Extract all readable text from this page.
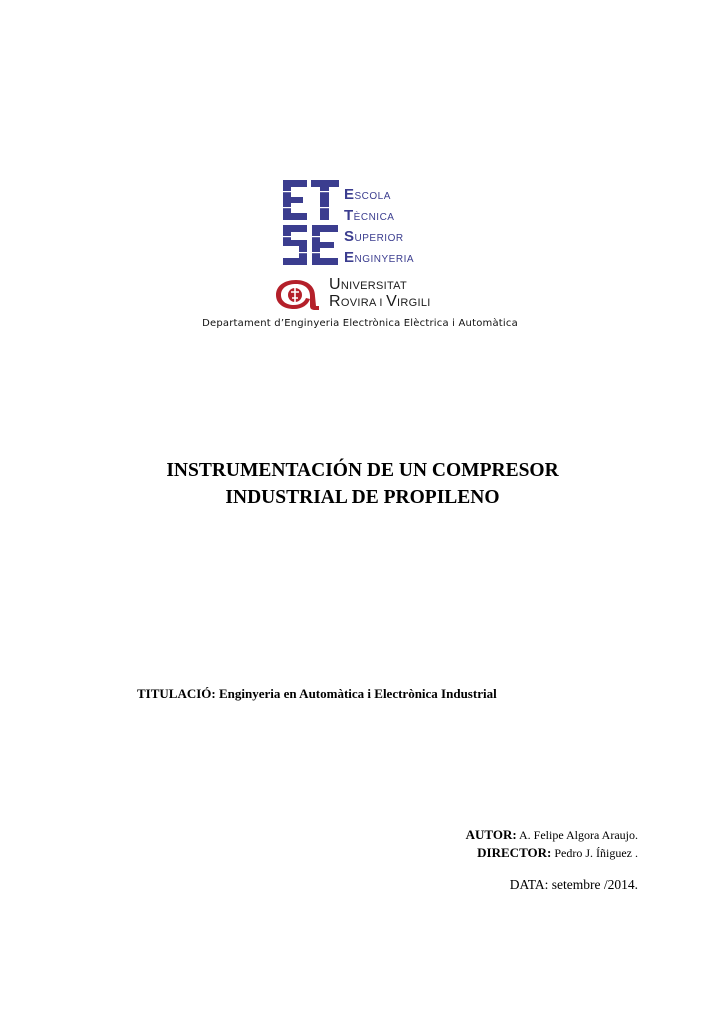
ESCOLA
TÈCNICA
SUPERIOR
ENGINYERIA
UNIVERSITAT
ROVIRA I VIRGILI
Departament d’Enginyeria Electrònica Elèctrica i Automàtica
INSTRUMENTACIÓN DE UN COMPRESOR
INDUSTRIAL DE PROPILENO
TITULACIÓ: Enginyeria en Automàtica i Electrònica Industrial
AUTOR: A. Felipe Algora Araujo.
DIRECTOR: Pedro J. Íñiguez .
DATA: setembre /2014.
